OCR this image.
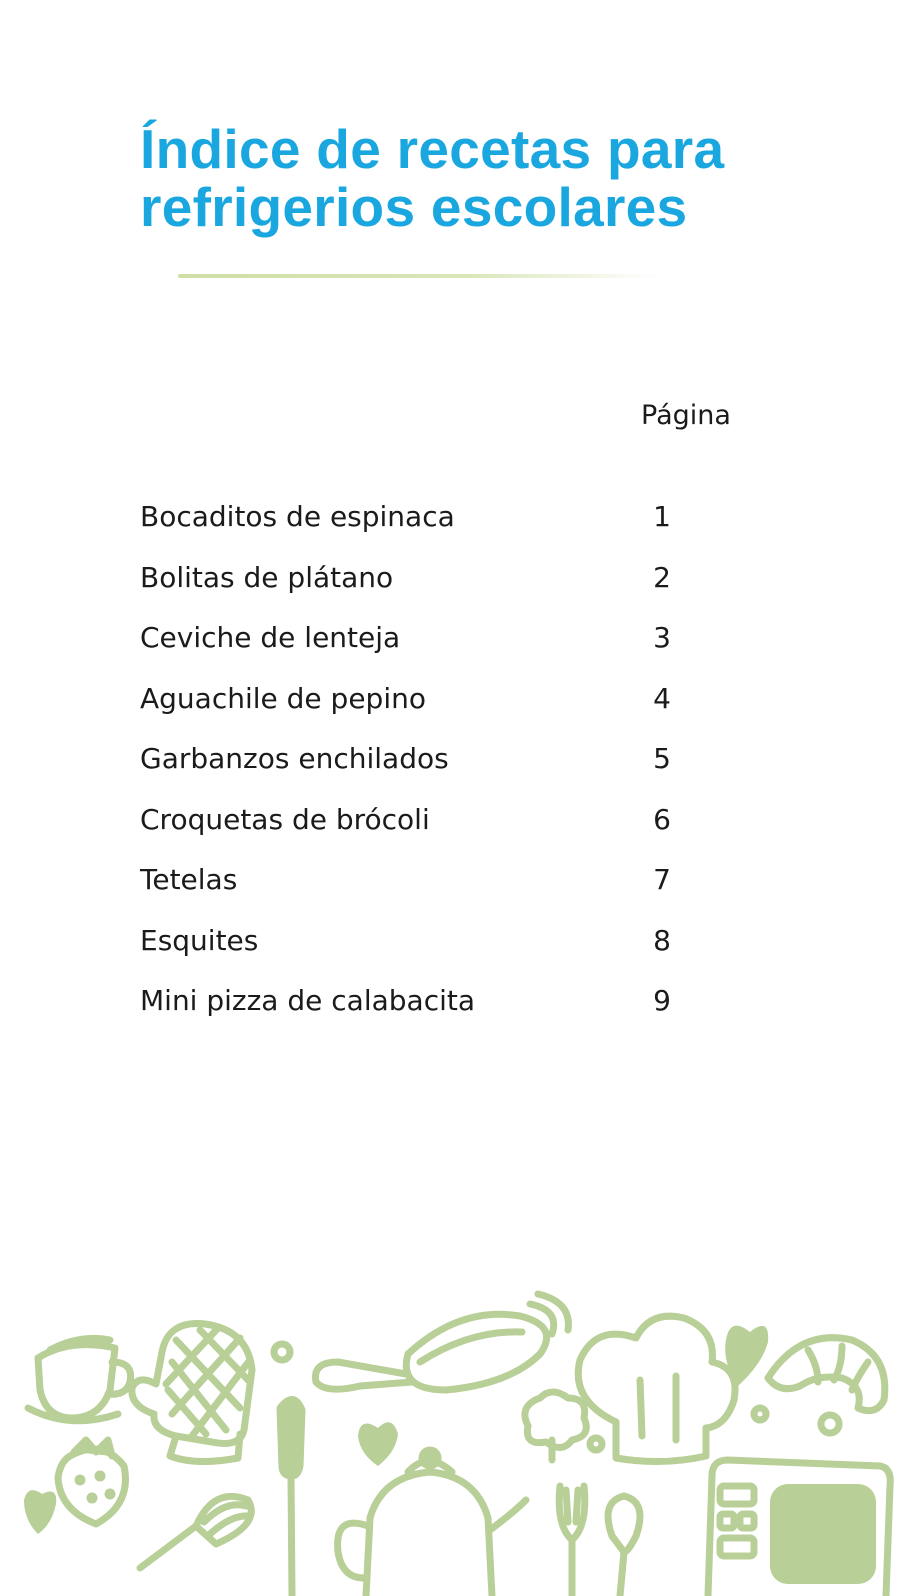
Índice de recetas para
refrigerios escolares
Página
Bocaditos de espinaca	1
Bolitas de plátano	2
Ceviche de lenteja	3
Aguachile de pepino	4
Garbanzos enchilados	5
Croquetas de brócoli	6
Tetelas	7
Esquites	8
Mini pizza de calabacita	9
